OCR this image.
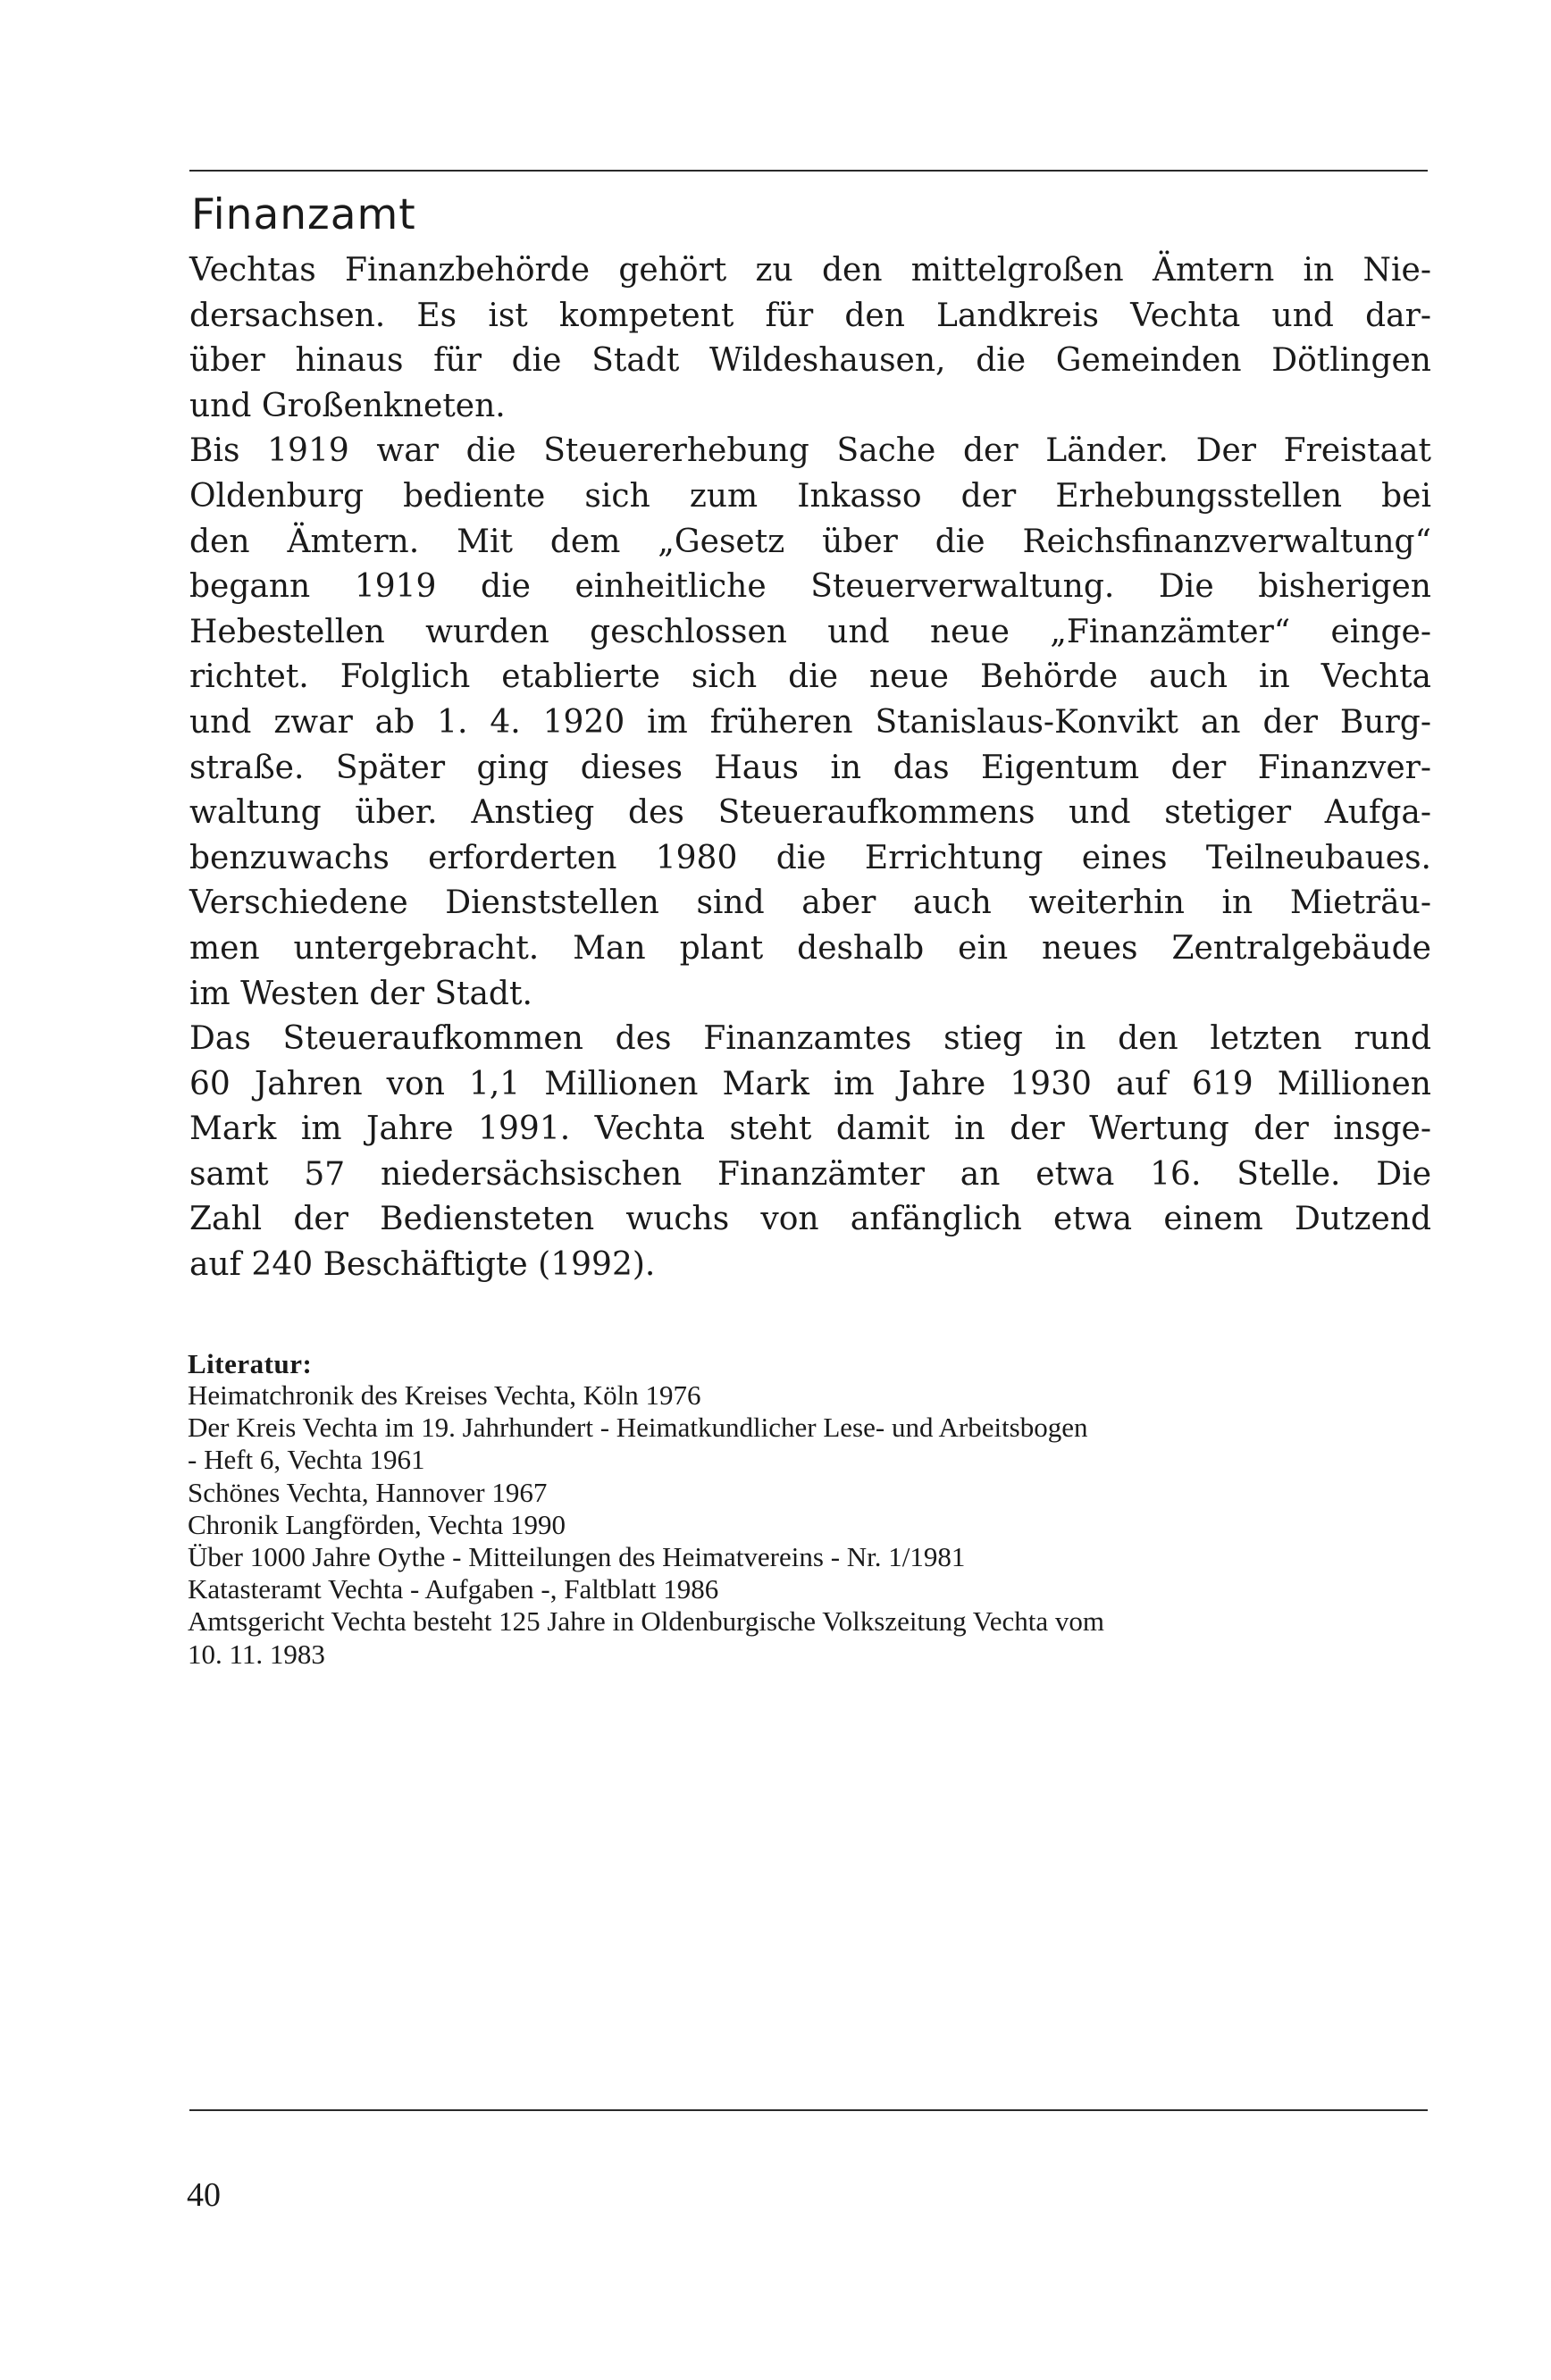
Finanzamt
Vechtas Finanzbehörde gehört zu den mittelgroßen Ämtern in Nie-
dersachsen. Es ist kompetent für den Landkreis Vechta und dar-
über hinaus für die Stadt Wildeshausen, die Gemeinden Dötlingen
und Großenkneten.
Bis 1919 war die Steuererhebung Sache der Länder. Der Freistaat
Oldenburg bediente sich zum Inkasso der Erhebungsstellen bei
den Ämtern. Mit dem „Gesetz über die Reichsfinanzverwaltung“
begann 1919 die einheitliche Steuerverwaltung. Die bisherigen
Hebestellen wurden geschlossen und neue „Finanzämter“ einge-
richtet. Folglich etablierte sich die neue Behörde auch in Vechta
und zwar ab 1. 4. 1920 im früheren Stanislaus-Konvikt an der Burg-
straße. Später ging dieses Haus in das Eigentum der Finanzver-
waltung über. Anstieg des Steueraufkommens und stetiger Aufga-
benzuwachs erforderten 1980 die Errichtung eines Teilneubaues.
Verschiedene Dienststellen sind aber auch weiterhin in Mieträu-
men untergebracht. Man plant deshalb ein neues Zentralgebäude
im Westen der Stadt.
Das Steueraufkommen des Finanzamtes stieg in den letzten rund
60 Jahren von 1,1 Millionen Mark im Jahre 1930 auf 619 Millionen
Mark im Jahre 1991. Vechta steht damit in der Wertung der insge-
samt 57 niedersächsischen Finanzämter an etwa 16. Stelle. Die
Zahl der Bediensteten wuchs von anfänglich etwa einem Dutzend
auf 240 Beschäftigte (1992).
Literatur:
Heimatchronik des Kreises Vechta, Köln 1976
Der Kreis Vechta im 19. Jahrhundert - Heimatkundlicher Lese- und Arbeitsbogen
- Heft 6, Vechta 1961
Schönes Vechta, Hannover 1967
Chronik Langförden, Vechta 1990
Über 1000 Jahre Oythe - Mitteilungen des Heimatvereins - Nr. 1/1981
Katasteramt Vechta - Aufgaben -, Faltblatt 1986
Amtsgericht Vechta besteht 125 Jahre in Oldenburgische Volkszeitung Vechta vom
10. 11. 1983
40
